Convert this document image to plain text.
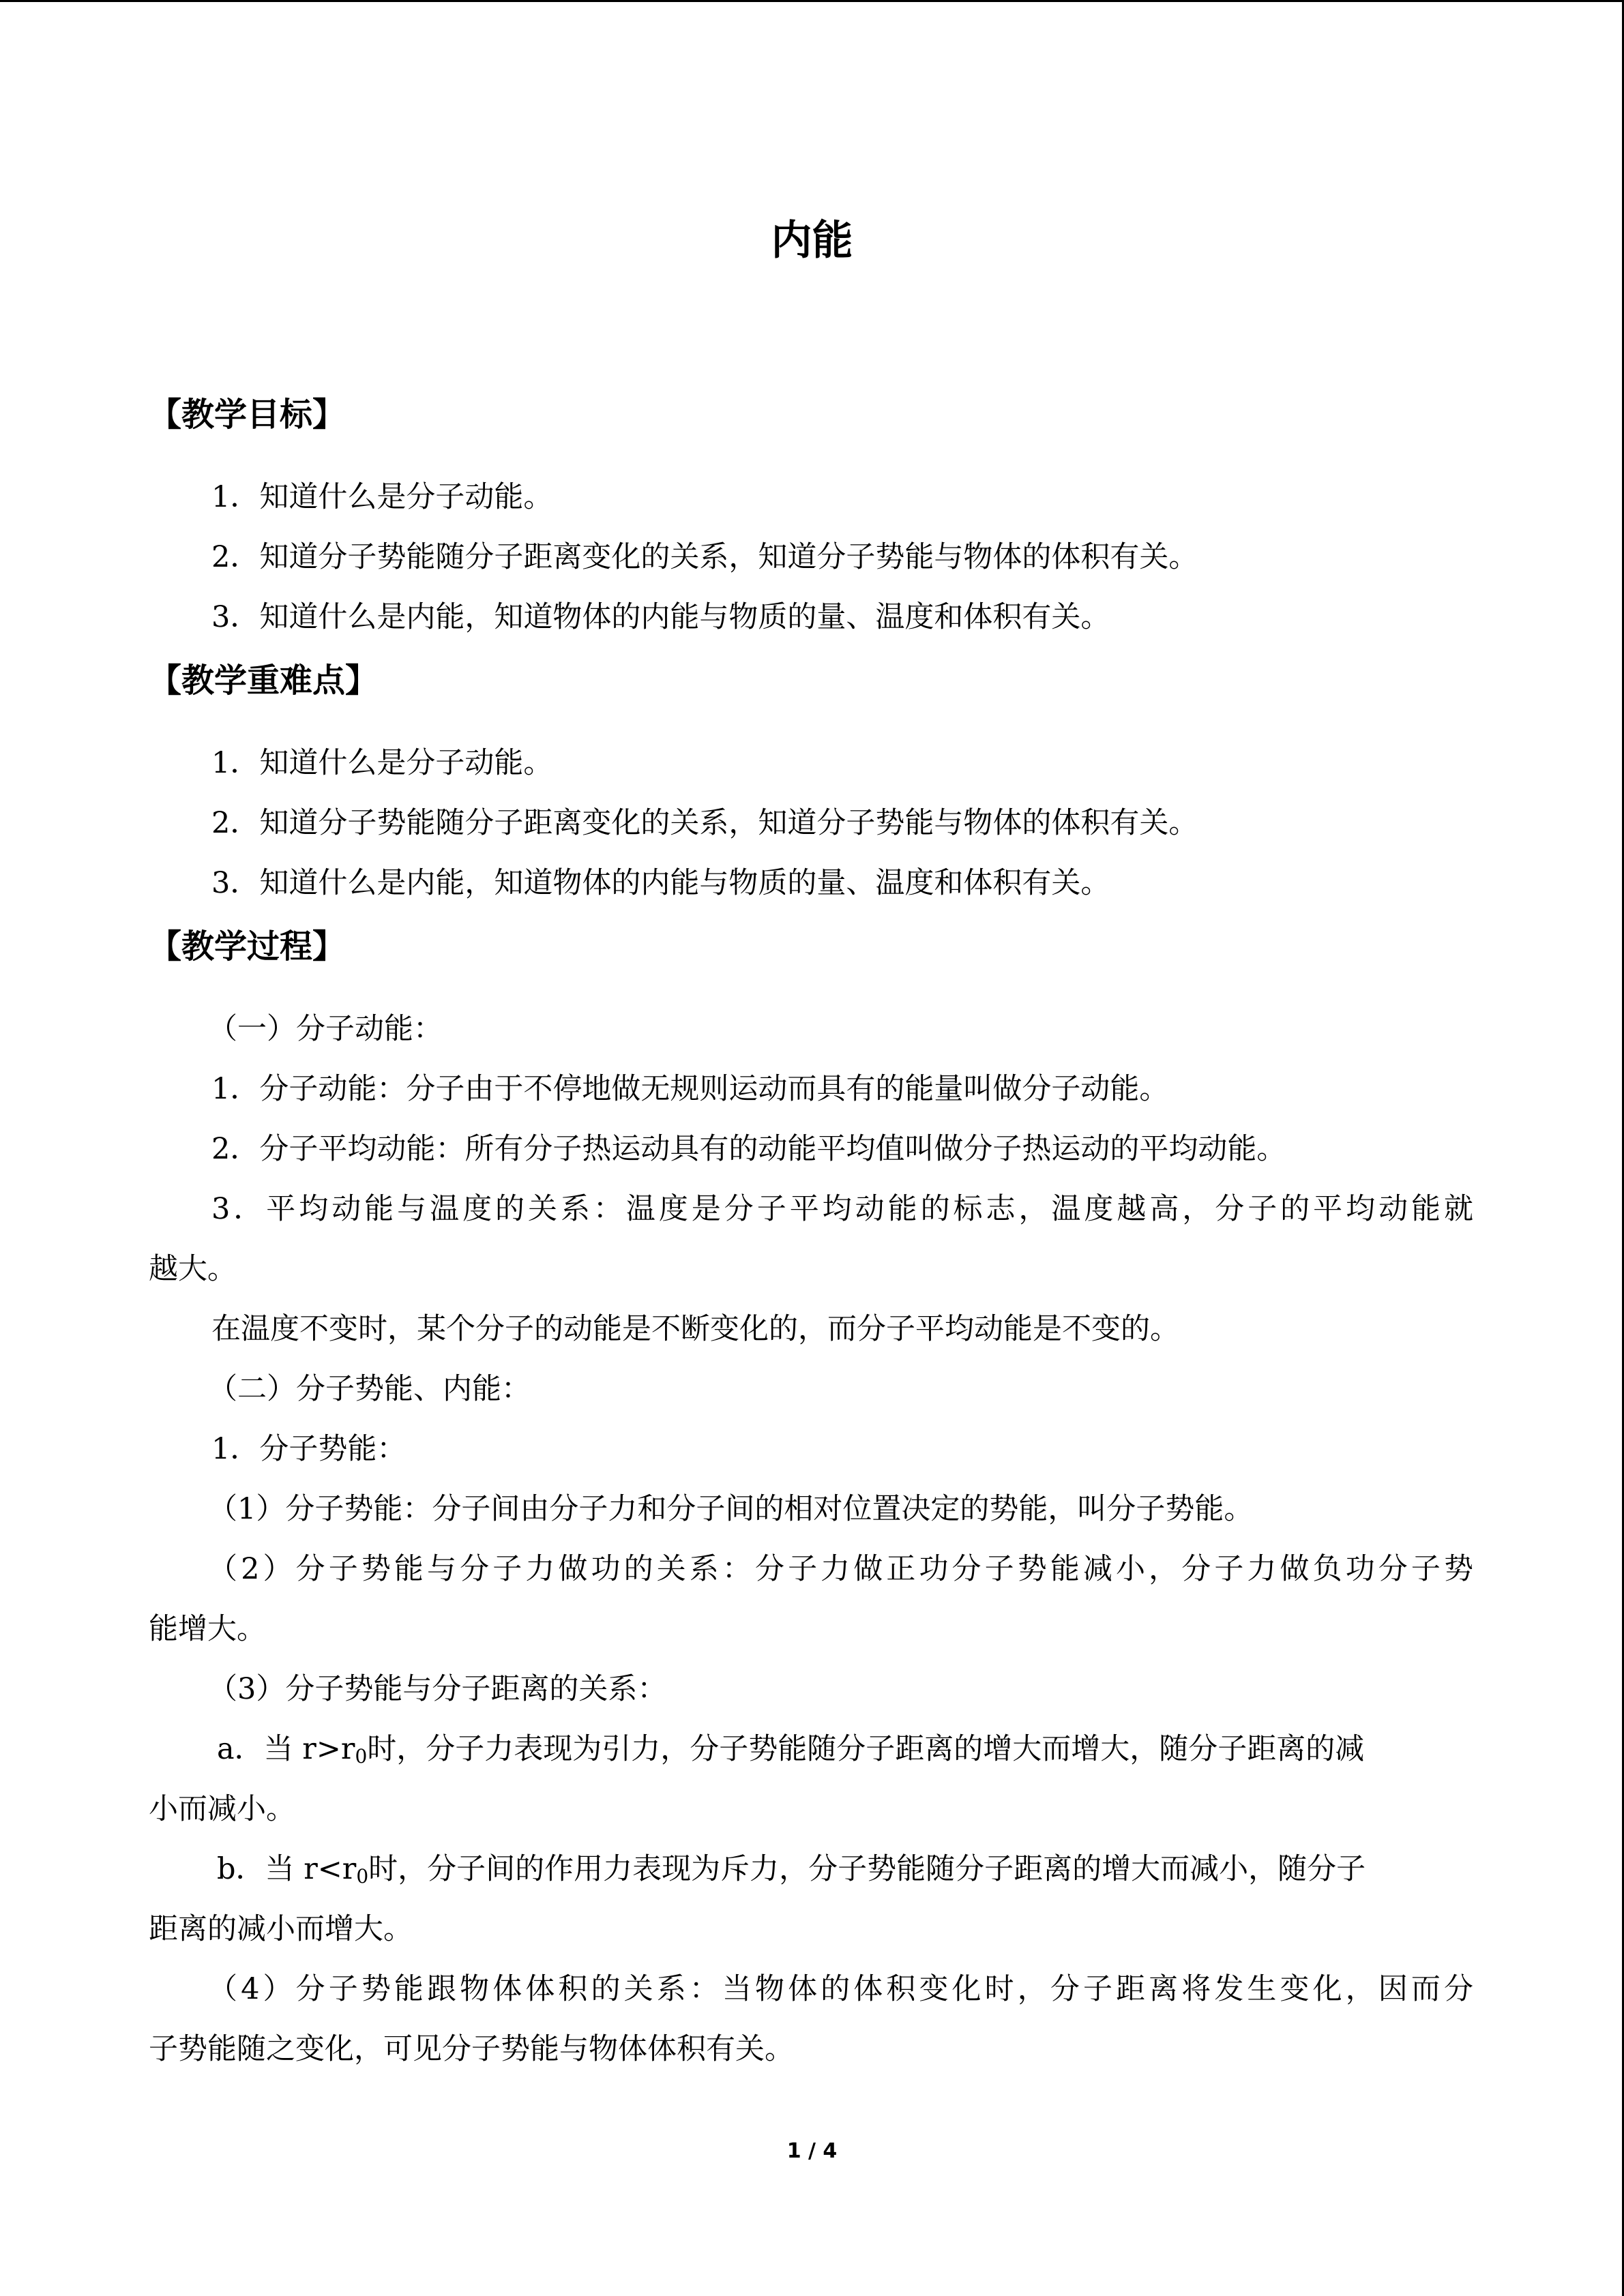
内能
【教学目标】

1．知道什么是分子动能。

2．知道分子势能随分子距离变化的关系，知道分子势能与物体的体积有关。

3．知道什么是内能，知道物体的内能与物质的量、温度和体积有关。

【教学重难点】

1．知道什么是分子动能。

2．知道分子势能随分子距离变化的关系，知道分子势能与物体的体积有关。

3．知道什么是内能，知道物体的内能与物质的量、温度和体积有关。

【教学过程】

（一）分子动能：

1．分子动能：分子由于不停地做无规则运动而具有的能量叫做分子动能。

2．分子平均动能：所有分子热运动具有的动能平均值叫做分子热运动的平均动能。

3．平均动能与温度的关系：温度是分子平均动能的标志，温度越高，分子的平均动能就

越大。

在温度不变时，某个分子的动能是不断变化的，而分子平均动能是不变的。

（二）分子势能、内能：

1．分子势能：

（1）分子势能：分子间由分子力和分子间的相对位置决定的势能，叫分子势能。

（2）分子势能与分子力做功的关系：分子力做正功分子势能减小，分子力做负功分子势

能增大。

（3）分子势能与分子距离的关系：

a．当 $r>r_0$时，分子力表现为引力，分子势能随分子距离的增大而增大，随分子距离的减

小而减小。

b．当 $r<r_0$时，分子间的作用力表现为斥力，分子势能随分子距离的增大而减小，随分子

距离的减小而增大。

（4）分子势能跟物体体积的关系：当物体的体积变化时，分子距离将发生变化，因而分

子势能随之变化，可见分子势能与物体体积有关。

1 / 4
